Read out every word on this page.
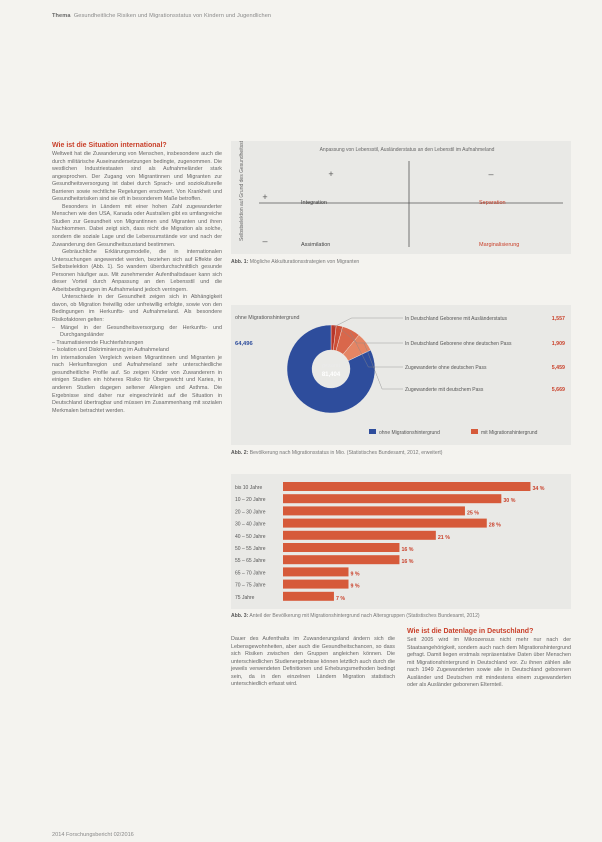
Thema Gesundheitliche Risiken und Migrationsstatus von Kindern und Jugendlichen
Wie ist die Situation international?

Weltweit hat die Zuwanderung von Menschen, insbesondere auch die durch militärische Auseinandersetzungen bedingte, zugenommen. Die westlichen Industriestaaten sind als Aufnahmeländer stark angesprochen. Der Zugang von Migrantinnen und Migranten zur Gesundheitsversorgung ist dabei durch Sprach- und soziokulturelle Barrieren sowie rechtliche Regelungen erschwert. Von Krankheit und Gesundheitsrisiken sind sie oft in besonderem Maße betroffen.

Besonders in Ländern mit einer hohen Zahl zugewanderter Menschen wie den USA, Kanada oder Australien gibt es umfangreiche Studien zur Gesundheit von Migrantinnen und Migranten und ihren Nachkommen. Dabei zeigt sich, dass nicht die Migration als solche, sondern die soziale Lage und die Lebensumstände vor und nach der Zuwanderung den Gesundheitszustand bestimmen.

Gebräuchliche Erklärungsmodelle, die in internationalen Untersuchungen angewendet werden, beziehen sich auf Effekte der Selbstselektion (Abb. 1). So wandern überdurchschnittlich gesunde Personen häufiger aus. Mit zunehmender Aufenthaltsdauer kann sich dieser Vorteil durch Anpassung an den Lebensstil und die Arbeitsbedingungen im Aufnahmeland jedoch verringern.

Unterschiede in der Gesundheit zeigen sich in Abhängigkeit davon, ob Migration freiwillig oder unfreiwillig erfolgte, sowie von den Bedingungen im Herkunfts- und Aufnahmeland. Als besondere Risikofaktoren gelten:

– Mängel in der Gesundheitsversorgung der Herkunfts- und Durchgangsländer
– Traumatisierende Fluchterfahrungen
– Isolation und Diskriminierung im Aufnahmeland

Im internationalen Vergleich weisen Migrantinnen und Migranten je nach Herkunftsregion und Aufnahmeland sehr unterschiedliche gesundheitliche Profile auf. So zeigen Kinder von Zuwanderern in einigen Studien ein höheres Risiko für Übergewicht und Karies, in anderen Studien dagegen seltener Allergien und Asthma. Die Ergebnisse sind daher nur eingeschränkt auf die Situation in Deutschland übertragbar und müssen im Zusammenhang mit sozialen Merkmalen betrachtet werden.

Dauer des Aufenthalts im Zuwanderungsland ändern sich die Lebensgewohnheiten, aber auch die Gesundheitschancen, so dass sich Risiken zwischen den Gruppen angleichen können. Die unterschiedlichen Studienergebnisse können letztlich auch durch die jeweils verwendeten Definitionen und Erhebungsmethoden bedingt sein, da in den einzelnen Ländern Migration statistisch unterschiedlich erfasst wird.

Wie ist die Datenlage in Deutschland?

Seit 2005 wird im Mikrozensus nicht mehr nur nach der Staatsangehörigkeit, sondern auch nach dem Migrationshintergrund gefragt. Damit liegen erstmals repräsentative Daten über Menschen mit Migrationshintergrund in Deutschland vor. Zu ihnen zählen alle nach 1949 Zugewanderten sowie alle in Deutschland geborenen Ausländer und Deutschen mit mindestens einem zugewanderten oder als Ausländer geborenen Elternteil.

Anpassung von Lebensstil, Ausländerstatus an den Lebenstil im Aufnahmeland
Selbstselektion auf Grund des Gesundheitsstatus vor Migration	+	–
+
–
Integration	Separation
Assimilation	Marginalisierung
Abb. 1: Mögliche Akkulturationsstrategien von Migranten
ohne Migrationshintergrund
64,496
gesamt
81,404
In Deutschland Geborene mit Ausländerstatus	1,557
In Deutschland Geborene ohne deutschen Pass	1,909
Zugewanderte ohne deutschen Pass	5,459
Zugewanderte mit deutschem Pass	5,669
ohne Migrationshintergrund	mit Migrationshintergrund
Abb. 2: Bevölkerung nach Migrationsstatus in Mio. (Statistisches Bundesamt, 2012, erweitert)
bis 10 Jahre	34 %
10 – 20 Jahre	30 %
20 – 30 Jahre	25 %
30 – 40 Jahre	28 %
40 – 50 Jahre	21 %
50 – 55 Jahre	16 %
55 – 65 Jahre	16 %
65 – 70 Jahre	9 %
70 – 75 Jahre	9 %
75 Jahre	7 %
Abb. 3: Anteil der Bevölkerung mit Migrationshintergrund nach Altersgruppen (Statistisches Bundesamt, 2012)
2014 Forschungsbericht 02/2016
